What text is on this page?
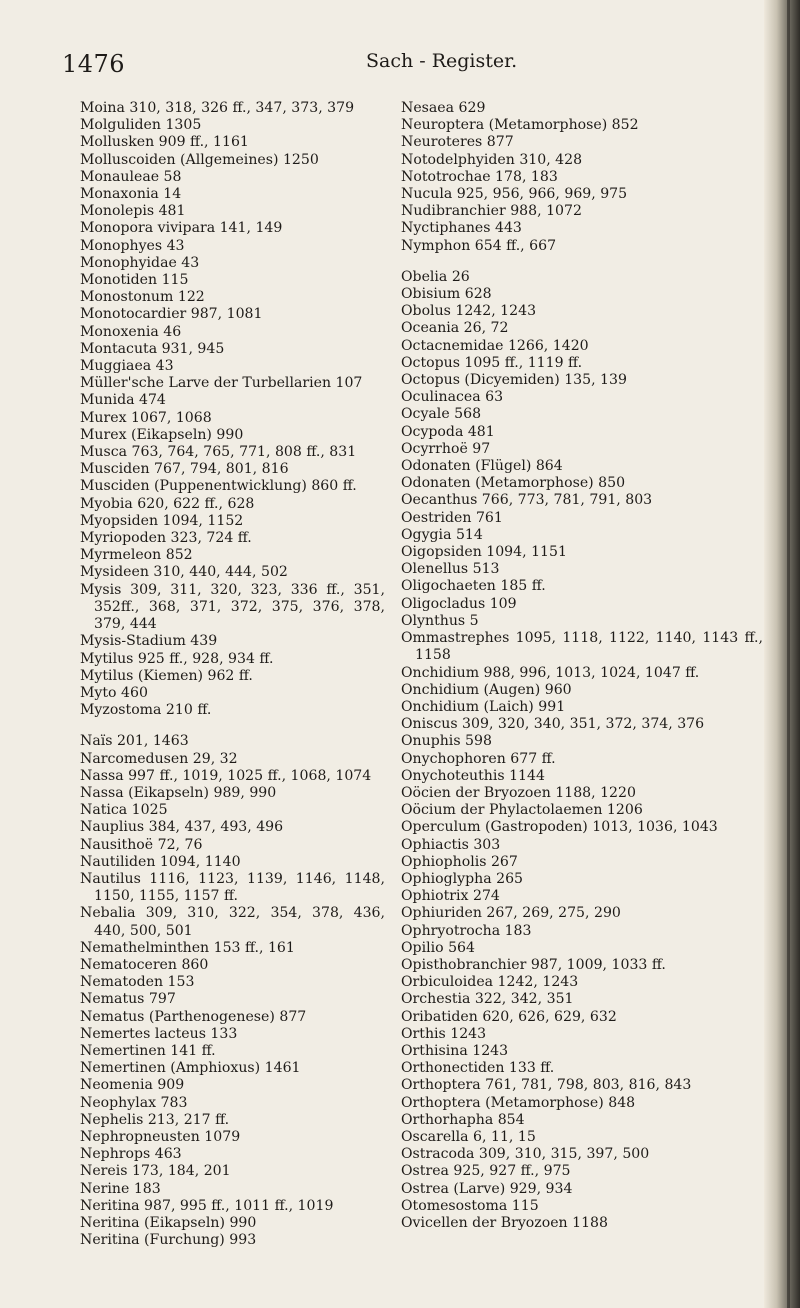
1476	Sach - Register.
Moina 310, 318, 326 ff., 347, 373, 379
Molguliden 1305
Mollusken 909 ff., 1161
Molluscoiden (Allgemeines) 1250
Monauleae 58
Monaxonia 14
Monolepis 481
Monopora vivipara 141, 149
Monophyes 43
Monophyidae 43
Monotiden 115
Monostonum 122
Monotocardier 987, 1081
Monoxenia 46
Montacuta 931, 945
Muggiaea 43
Müller'sche Larve der Turbellarien 107
Munida 474
Murex 1067, 1068
Murex (Eikapseln) 990
Musca 763, 764, 765, 771, 808 ff., 831
Musciden 767, 794, 801, 816
Musciden (Puppenentwicklung) 860 ff.
Myobia 620, 622 ff., 628
Myopsiden 1094, 1152
Myriopoden 323, 724 ff.
Myrmeleon 852
Mysideen 310, 440, 444, 502
Mysis 309, 311, 320, 323, 336 ff., 351, 352ff., 368, 371, 372, 375, 376, 378, 379, 444
Mysis-Stadium 439
Mytilus 925 ff., 928, 934 ff.
Mytilus (Kiemen) 962 ff.
Myto 460
Myzostoma 210 ff.
Naïs 201, 1463
Narcomedusen 29, 32
Nassa 997 ff., 1019, 1025 ff., 1068, 1074
Nassa (Eikapseln) 989, 990
Natica 1025
Nauplius 384, 437, 493, 496
Nausithoë 72, 76
Nautiliden 1094, 1140
Nautilus 1116, 1123, 1139, 1146, 1148, 1150, 1155, 1157 ff.
Nebalia 309, 310, 322, 354, 378, 436, 440, 500, 501
Nemathelminthen 153 ff., 161
Nematoceren 860
Nematoden 153
Nematus 797
Nematus (Parthenogenese) 877
Nemertes lacteus 133
Nemertinen 141 ff.
Nemertinen (Amphioxus) 1461
Neomenia 909
Neophylax 783
Nephelis 213, 217 ff.
Nephropneusten 1079
Nephrops 463
Nereis 173, 184, 201
Nerine 183
Neritina 987, 995 ff., 1011 ff., 1019
Neritina (Eikapseln) 990
Neritina (Furchung) 993
Nesaea 629
Neuroptera (Metamorphose) 852
Neuroteres 877
Notodelphyiden 310, 428
Nototrochae 178, 183
Nucula 925, 956, 966, 969, 975
Nudibranchier 988, 1072
Nyctiphanes 443
Nymphon 654 ff., 667
Obelia 26
Obisium 628
Obolus 1242, 1243
Oceania 26, 72
Octacnemidae 1266, 1420
Octopus 1095 ff., 1119 ff.
Octopus (Dicyemiden) 135, 139
Oculinacea 63
Ocyale 568
Ocypoda 481
Ocyrrhoë 97
Odonaten (Flügel) 864
Odonaten (Metamorphose) 850
Oecanthus 766, 773, 781, 791, 803
Oestriden 761
Ogygia 514
Oigopsiden 1094, 1151
Olenellus 513
Oligochaeten 185 ff.
Oligocladus 109
Olynthus 5
Ommastrephes 1095, 1118, 1122, 1140, 1143 ff., 1158
Onchidium 988, 996, 1013, 1024, 1047 ff.
Onchidium (Augen) 960
Onchidium (Laich) 991
Oniscus 309, 320, 340, 351, 372, 374, 376
Onuphis 598
Onychophoren 677 ff.
Onychoteuthis 1144
Oöcien der Bryozoen 1188, 1220
Oöcium der Phylactolaemen 1206
Operculum (Gastropoden) 1013, 1036, 1043
Ophiactis 303
Ophiopholis 267
Ophioglypha 265
Ophiotrix 274
Ophiuriden 267, 269, 275, 290
Ophryotrocha 183
Opilio 564
Opisthobranchier 987, 1009, 1033 ff.
Orbiculoidea 1242, 1243
Orchestia 322, 342, 351
Oribatiden 620, 626, 629, 632
Orthis 1243
Orthisina 1243
Orthonectiden 133 ff.
Orthoptera 761, 781, 798, 803, 816, 843
Orthoptera (Metamorphose) 848
Orthorhapha 854
Oscarella 6, 11, 15
Ostracoda 309, 310, 315, 397, 500
Ostrea 925, 927 ff., 975
Ostrea (Larve) 929, 934
Otomesostoma 115
Ovicellen der Bryozoen 1188
